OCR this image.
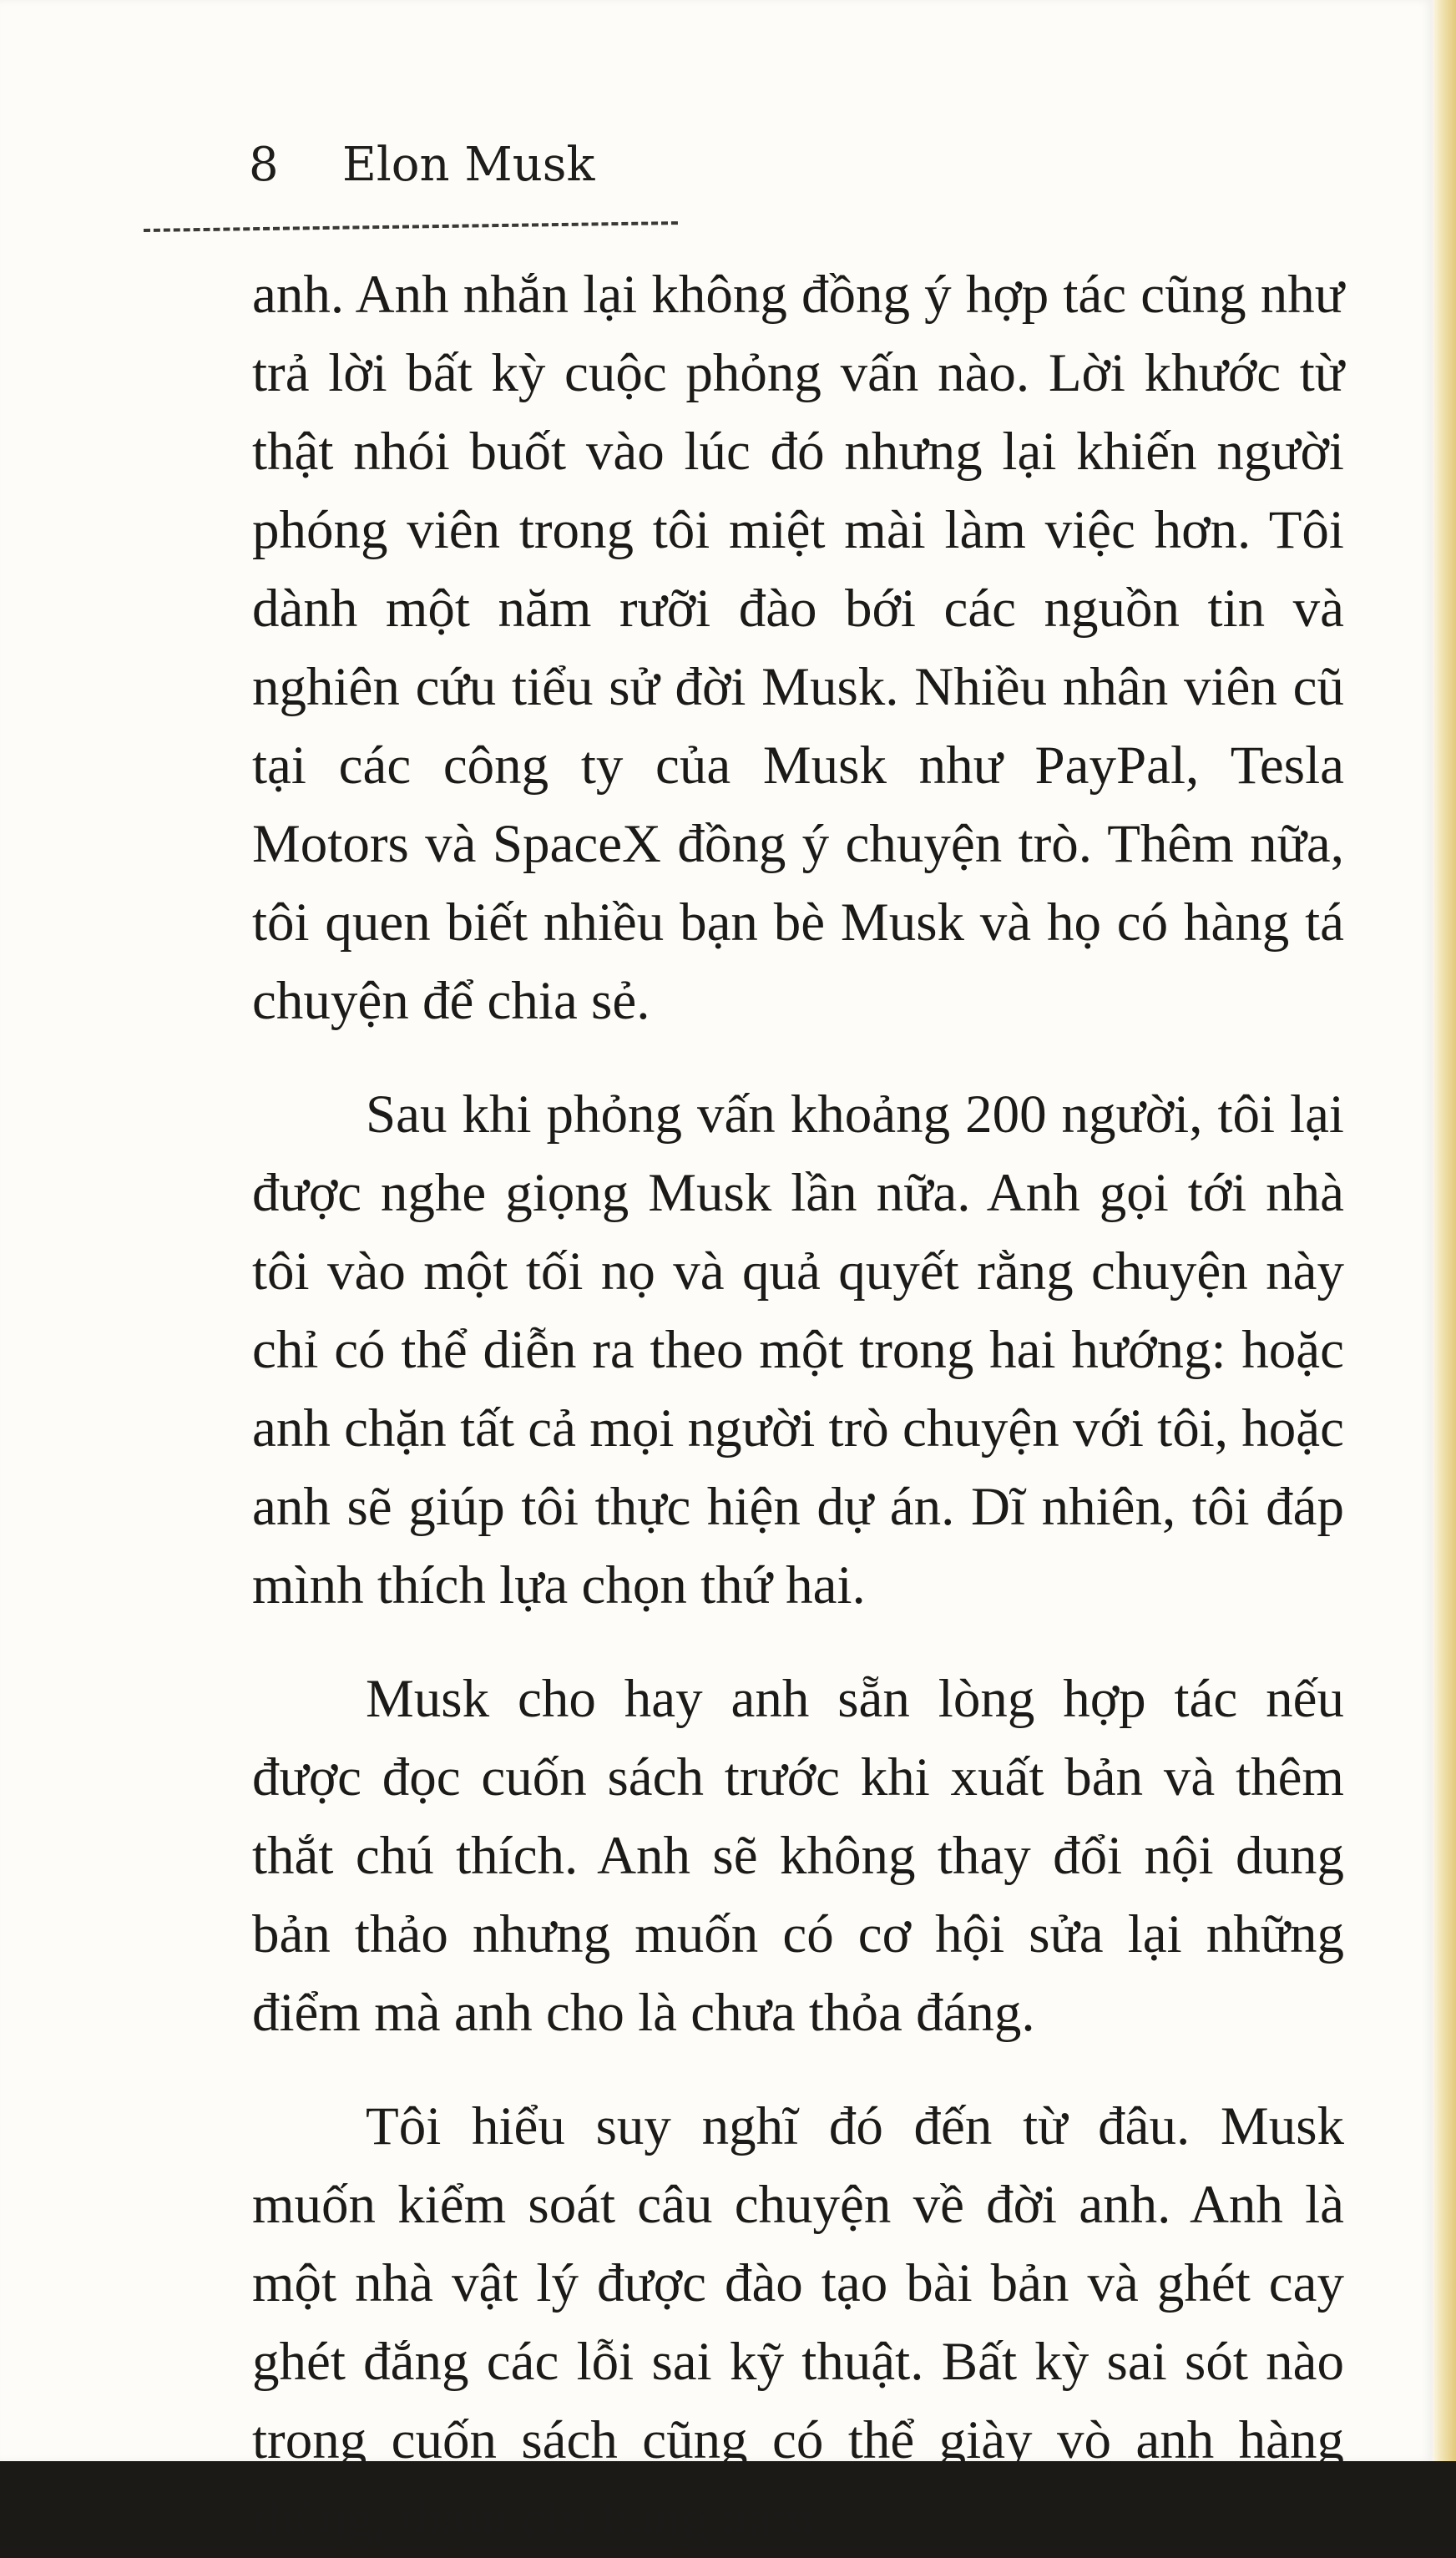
8 Elon Musk

anh. Anh nhắn lại không đồng ý hợp tác cũng như trả lời bất kỳ cuộc phỏng vấn nào. Lời khước từ thật nhói buốt vào lúc đó nhưng lại khiến người phóng viên trong tôi miệt mài làm việc hơn. Tôi dành một năm rưỡi đào bới các nguồn tin và nghiên cứu tiểu sử đời Musk. Nhiều nhân viên cũ tại các công ty của Musk như PayPal, Tesla Motors và SpaceX đồng ý chuyện trò. Thêm nữa, tôi quen biết nhiều bạn bè Musk và họ có hàng tá chuyện để chia sẻ.

Sau khi phỏng vấn khoảng 200 người, tôi lại được nghe giọng Musk lần nữa. Anh gọi tới nhà tôi vào một tối nọ và quả quyết rằng chuyện này chỉ có thể diễn ra theo một trong hai hướng: hoặc anh chặn tất cả mọi người trò chuyện với tôi, hoặc anh sẽ giúp tôi thực hiện dự án. Dĩ nhiên, tôi đáp mình thích lựa chọn thứ hai.

Musk cho hay anh sẵn lòng hợp tác nếu được đọc cuốn sách trước khi xuất bản và thêm thắt chú thích. Anh sẽ không thay đổi nội dung bản thảo nhưng muốn có cơ hội sửa lại những điểm mà anh cho là chưa thỏa đáng.

Tôi hiểu suy nghĩ đó đến từ đâu. Musk muốn kiểm soát câu chuyện về đời anh. Anh là một nhà vật lý được đào tạo bài bản và ghét cay ghét đắng các lỗi sai kỹ thuật. Bất kỳ sai sót nào trong cuốn sách cũng có thể giày vò anh hàng tháng, thậm chí hàng năm
